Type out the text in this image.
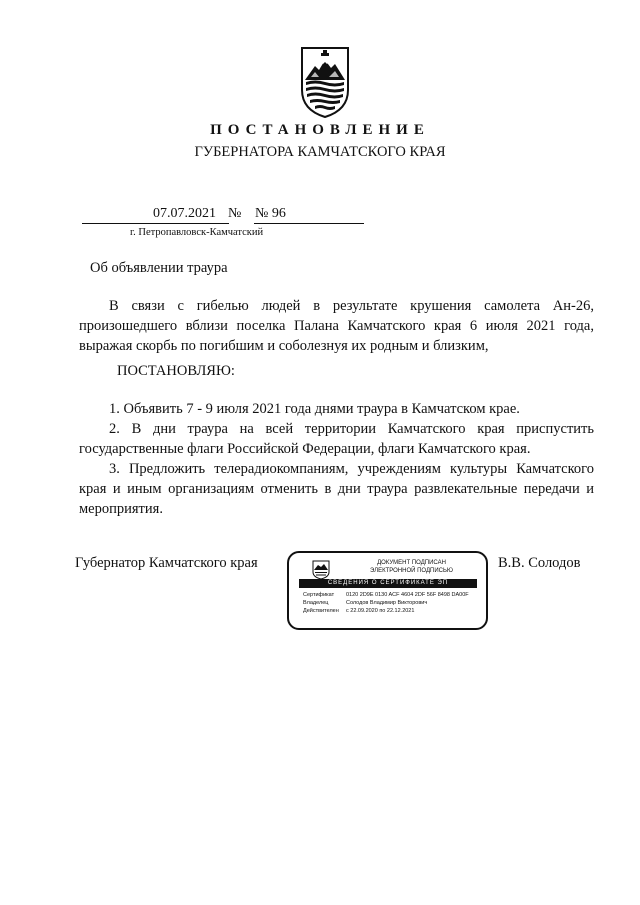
ПОСТАНОВЛЕНИЕ
ГУБЕРНАТОРА КАМЧАТСКОГО КРАЯ
07.07.2021 № № 96
г. Петропавловск-Камчатский
Об объявлении траура

В связи с гибелью людей в результате крушения самолета Ан-26, произошедшего вблизи поселка Палана Камчатского края 6 июля 2021 года, выражая скорбь по погибшим и соболезнуя их родным и близким,

ПОСТАНОВЛЯЮ:

1. Объявить 7 - 9 июля 2021 года днями траура в Камчатском крае.

2. В дни траура на всей территории Камчатского края приспустить государственные флаги Российской Федерации, флаги Камчатского края.

3. Предложить телерадиокомпаниям, учреждениям культуры Камчатского края и иным организациям отменить в дни траура развлекательные передачи и мероприятия.

Губернатор Камчатского края	ДОКУМЕНТ ПОДПИСАН
ЭЛЕКТРОННОЙ ПОДПИСЬЮ
СВЕДЕНИЯ О СЕРТИФИКАТЕ ЭП
Сертификат	0120 2D9E 0130 ACF 4604 2DF 56F 8498 DA00F
Владелец	Солодов Владимир Викторович
Действителен	с 22.09.2020 по 22.12.2021
В.В. Солодов
